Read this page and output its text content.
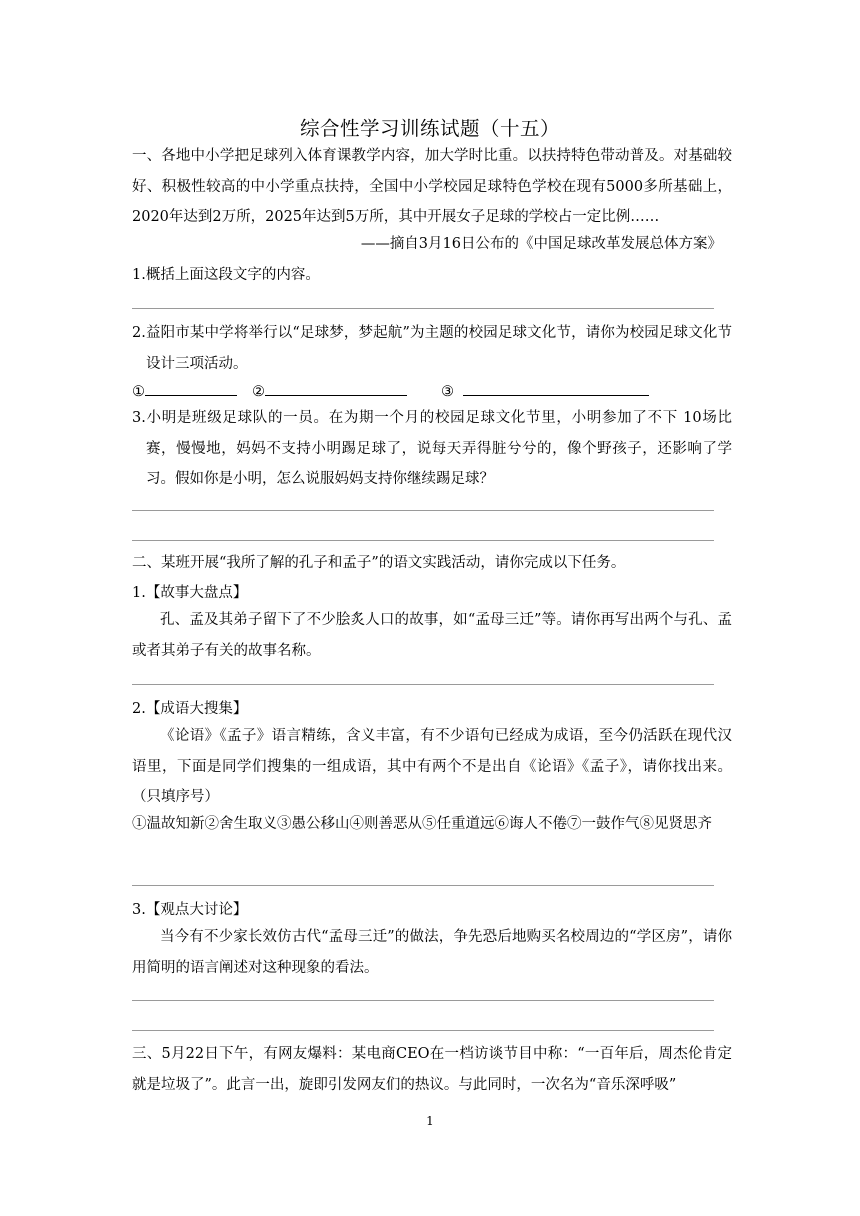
综合性学习训练试题（十五）
一、各地中小学把足球列入体育课教学内容，加大学时比重。以扶持特色带动普及。对基础较好、积极性较高的中小学重点扶持，全国中小学校园足球特色学校在现有5000多所基础上，2020年达到2万所，2025年达到5万所，其中开展女子足球的学校占一定比例……
——摘自3月16日公布的《中国足球改革发展总体方案》
1.概括上面这段文字的内容。
2.益阳市某中学将举行以“足球梦，梦起航”为主题的校园足球文化节，请你为校园足球文化节设计三项活动。
①	②	③
3.小明是班级足球队的一员。在为期一个月的校园足球文化节里，小明参加了不下 10场比赛，慢慢地，妈妈不支持小明踢足球了，说每天弄得脏兮兮的，像个野孩子，还影响了学习。假如你是小明，怎么说服妈妈支持你继续踢足球？
二、某班开展“我所了解的孔子和孟子”的语文实践活动，请你完成以下任务。
1.【故事大盘点】
孔、孟及其弟子留下了不少脍炙人口的故事，如“孟母三迁”等。请你再写出两个与孔、孟或者其弟子有关的故事名称。
2.【成语大搜集】
《论语》《孟子》语言精练，含义丰富，有不少语句已经成为成语，至今仍活跃在现代汉语里，下面是同学们搜集的一组成语，其中有两个不是出自《论语》《孟子》，请你找出来。（只填序号）
①温故知新②舍生取义③愚公移山④则善恶从⑤任重道远⑥诲人不倦⑦一鼓作气⑧见贤思齐
3.【观点大讨论】
当今有不少家长效仿古代“孟母三迁”的做法，争先恐后地购买名校周边的“学区房”，请你用简明的语言阐述对这种现象的看法。
三、5月22日下午，有网友爆料：某电商CEO在一档访谈节目中称：“一百年后，周杰伦肯定就是垃圾了”。此言一出，旋即引发网友们的热议。与此同时，一次名为“音乐深呼吸”
1
